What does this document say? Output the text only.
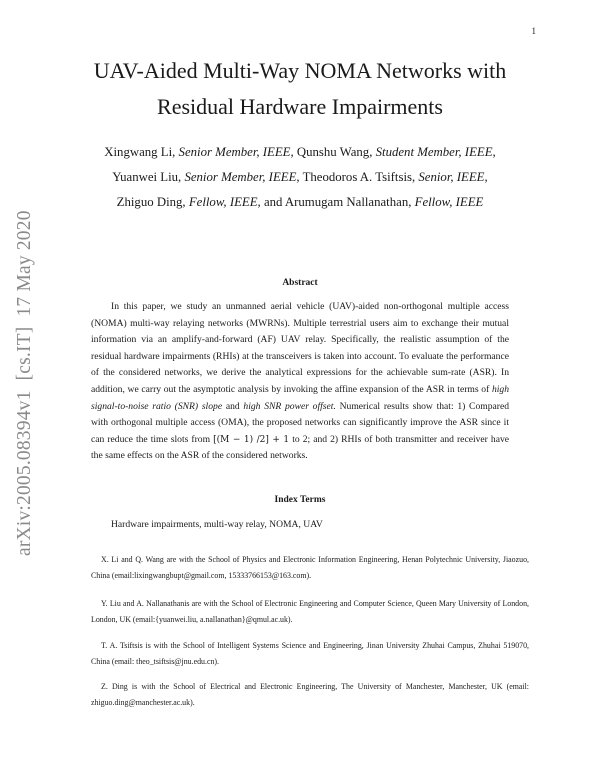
1
arXiv:2005.08394v1[cs.IT]17 May 2020
UAV-Aided Multi-Way NOMA Networks with
Residual Hardware Impairments
Xingwang Li, Senior Member, IEEE, Qunshu Wang, Student Member, IEEE,
Yuanwei Liu, Senior Member, IEEE, Theodoros A. Tsiftsis, Senior, IEEE,
Zhiguo Ding, Fellow, IEEE, and Arumugam Nallanathan, Fellow, IEEE
Abstract

In this paper, we study an unmanned aerial vehicle (UAV)-aided non-orthogonal multiple access (NOMA) multi-way relaying networks (MWRNs). Multiple terrestrial users aim to exchange their mutual information via an amplify-and-forward (AF) UAV relay. Specifically, the realistic assumption of the residual hardware impairments (RHIs) at the transceivers is taken into account. To evaluate the performance of the considered networks, we derive the analytical expressions for the achievable sum-rate (ASR). In addition, we carry out the asymptotic analysis by invoking the affine expansion of the ASR in terms of high signal-to-noise ratio (SNR) slope and high SNR power offset. Numerical results show that: 1) Compared with orthogonal multiple access (OMA), the proposed networks can significantly improve the ASR since it can reduce the time slots from [(M − 1) /2] + 1 to 2; and 2) RHIs of both transmitter and receiver have the same effects on the ASR of the considered networks.

Index Terms
Hardware impairments, multi-way relay, NOMA, UAV

X. Li and Q. Wang are with the School of Physics and Electronic Information Engineering, Henan Polytechnic University, Jiaozuo, China (email:lixingwangbupt@gmail.com, 15333766153@163.com).

Y. Liu and A. Nallanathanis are with the School of Electronic Engineering and Computer Science, Queen Mary University of London, London, UK (email:{yuanwei.liu, a.nallanathan}@qmul.ac.uk).

T. A. Tsiftsis is with the School of Intelligent Systems Science and Engineering, Jinan University Zhuhai Campus, Zhuhai 519070, China (email: theo_tsiftsis@jnu.edu.cn).

Z. Ding is with the School of Electrical and Electronic Engineering, The University of Manchester, Manchester, UK (email: zhiguo.ding@manchester.ac.uk).
